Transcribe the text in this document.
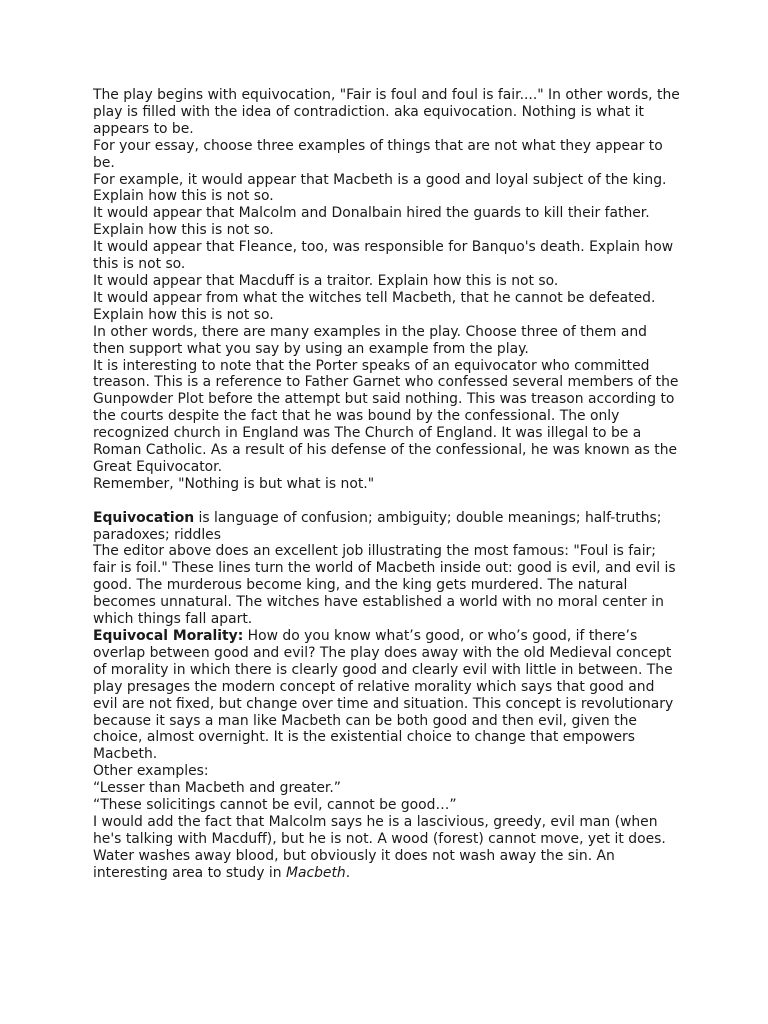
The play begins with equivocation, "Fair is foul and foul is fair...." In other words, the play is filled with the idea of contradiction. aka equivocation. Nothing is what it appears to be.

For your essay, choose three examples of things that are not what they appear to be.

For example, it would appear that Macbeth is a good and loyal subject of the king. Explain how this is not so.

It would appear that Malcolm and Donalbain hired the guards to kill their father. Explain how this is not so.

It would appear that Fleance, too, was responsible for Banquo's death. Explain how this is not so.

It would appear that Macduff is a traitor. Explain how this is not so.

It would appear from what the witches tell Macbeth, that he cannot be defeated. Explain how this is not so.

In other words, there are many examples in the play. Choose three of them and then support what you say by using an example from the play.

It is interesting to note that the Porter speaks of an equivocator who committed treason. This is a reference to Father Garnet who confessed several members of the Gunpowder Plot before the attempt but said nothing. This was treason according to the courts despite the fact that he was bound by the confessional. The only recognized church in England was The Church of England. It was illegal to be a Roman Catholic. As a result of his defense of the confessional, he was known as the Great Equivocator.

Remember, "Nothing is but what is not."

Equivocation is language of confusion; ambiguity; double meanings; half-truths; paradoxes; riddles

The editor above does an excellent job illustrating the most famous: "Foul is fair; fair is foil." These lines turn the world of Macbeth inside out: good is evil, and evil is good. The murderous become king, and the king gets murdered. The natural becomes unnatural. The witches have established a world with no moral center in which things fall apart.

Equivocal Morality: How do you know what’s good, or who’s good, if there’s overlap between good and evil? The play does away with the old Medieval concept of morality in which there is clearly good and clearly evil with little in between. The play presages the modern concept of relative morality which says that good and evil are not fixed, but change over time and situation. This concept is revolutionary because it says a man like Macbeth can be both good and then evil, given the choice, almost overnight. It is the existential choice to change that empowers Macbeth.

Other examples:

“Lesser than Macbeth and greater.”

“These solicitings cannot be evil, cannot be good…”

I would add the fact that Malcolm says he is a lascivious, greedy, evil man (when he's talking with Macduff), but he is not. A wood (forest) cannot move, yet it does. Water washes away blood, but obviously it does not wash away the sin. An interesting area to study in Macbeth.
